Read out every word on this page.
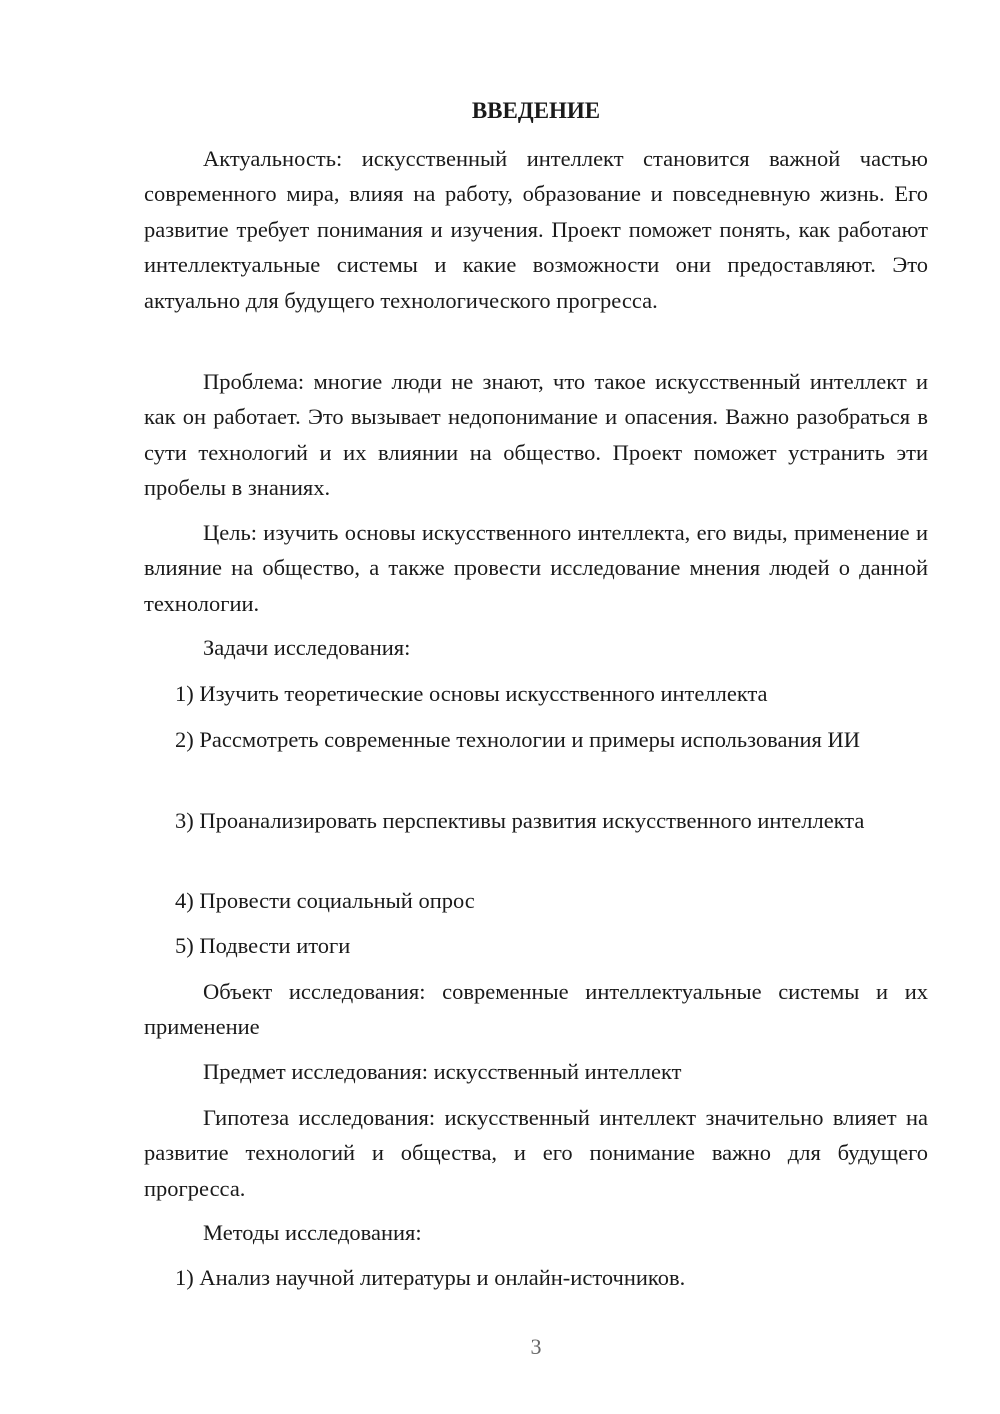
ВВЕДЕНИЕ

Актуальность: искусственный интеллект становится важной частью современного мира, влияя на работу, образование и повседневную жизнь. Его развитие требует понимания и изучения. Проект поможет понять, как работают интеллектуальные системы и какие возможности они предоставляют. Это актуально для будущего технологического прогресса.

Проблема: многие люди не знают, что такое искусственный интеллект и как он работает. Это вызывает недопонимание и опасения. Важно разобраться в сути технологий и их влиянии на общество. Проект поможет устранить эти пробелы в знаниях.

Цель: изучить основы искусственного интеллекта, его виды, применение и влияние на общество, а также провести исследование мнения людей о данной технологии.

Задачи исследования:

1) Изучить теоретические основы искусственного интеллекта

2) Рассмотреть современные технологии и примеры использования ИИ

3) Проанализировать перспективы развития искусственного интеллекта

4) Провести социальный опрос

5) Подвести итоги

Объект исследования: современные интеллектуальные системы и их применение

Предмет исследования: искусственный интеллект

Гипотеза исследования: искусственный интеллект значительно влияет на развитие технологий и общества, и его понимание важно для будущего прогресса.

Методы исследования:

1) Анализ научной литературы и онлайн-источников.

3
